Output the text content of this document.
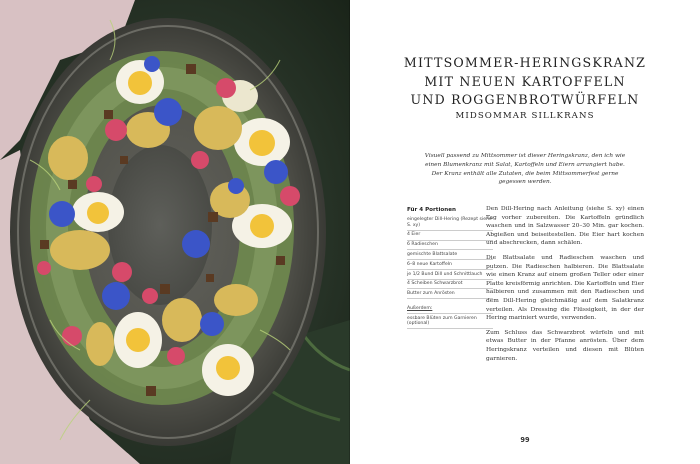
MITTSOMMER-HERINGSKRANZ
MIT NEUEN KARTOFFELN
UND ROGGENBROTWÜRFELN
MIDSOMMAR SILLKRANS
Visuell passend zu Mittsommer ist dieser Heringskranz, den ich wie einen Blumenkranz mit Salat, Kartoffeln und Eiern arrangiert habe. Der Kranz enthält alle Zutaten, die beim Mittsommerfest gerne gegessen werden.
Für 4 Portionen
eingelegter Dill-Hering (Rezept siehe S. xy)
4 Eier
6 Radieschen
gemischte Blattsalate
6–8 neue Kartoffeln
je 1/2 Bund Dill und Schnittlauch
4 Scheiben Schwarzbrot
Butter zum Anrösten
Außerdem:
essbare Blüten zum Garnieren (optional)

Den Dill-Hering nach Anleitung (siehe S. xy) einen Tag vorher zubereiten. Die Kartoffeln gründlich waschen und in Salzwasser 20–30 Min. gar kochen. Abgießen und beiseitestellen. Die Eier hart kochen und abschrecken, dann schälen.

Die Blattsalate und Radieschen waschen und putzen. Die Radieschen halbieren. Die Blattsalate wie einen Kranz auf einem großen Teller oder einer Platte kreisförmig anrichten. Die Kartoffeln und Eier halbieren und zusammen mit den Radieschen und dem Dill-Hering gleichmäßig auf dem Salatkranz verteilen. Als Dressing die Flüssigkeit, in der der Hering mariniert wurde, verwenden.

Zum Schluss das Schwarzbrot würfeln und mit etwas Butter in der Pfanne anrösten. Über dem Heringskranz verteilen und diesen mit Blüten garnieren.

99
